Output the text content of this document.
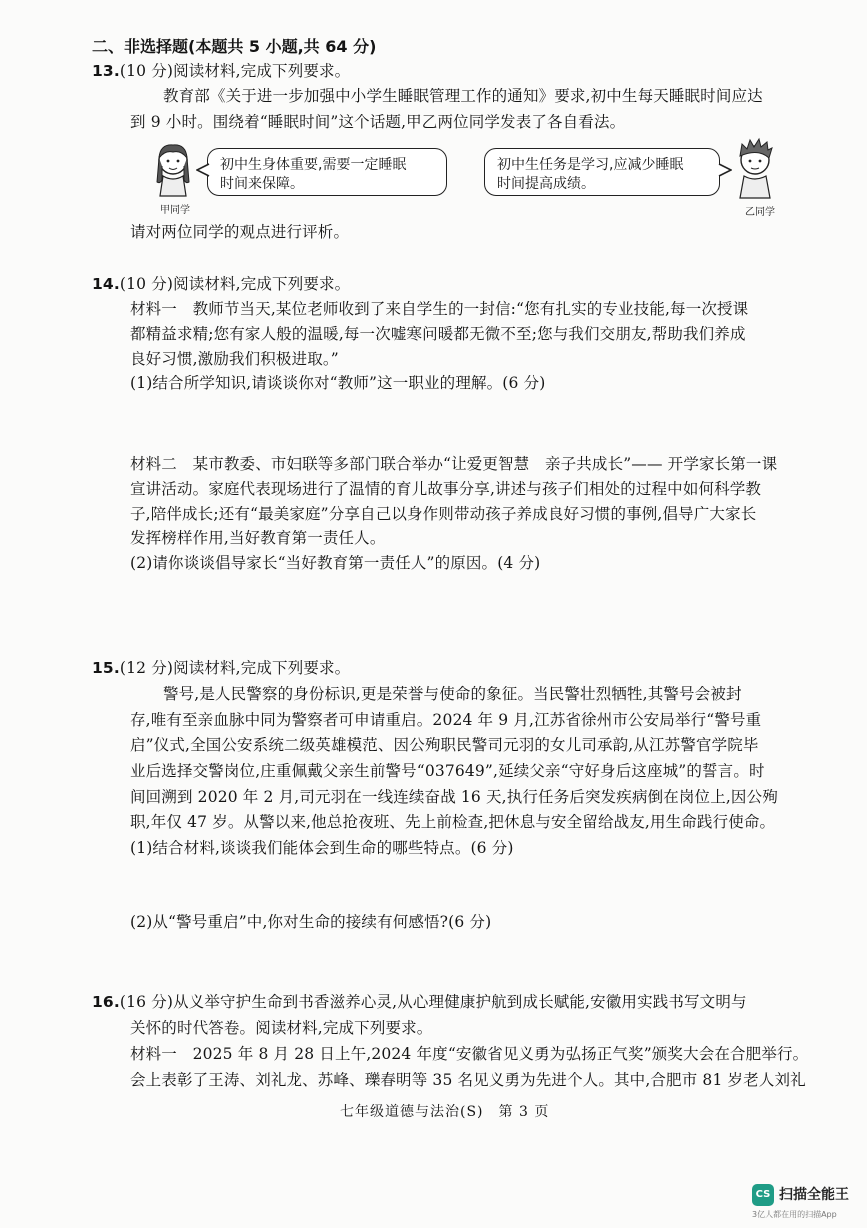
二、非选择题(本题共 5 小题,共 64 分)
13.(10 分)阅读材料,完成下列要求。
教育部《关于进一步加强中小学生睡眠管理工作的通知》要求,初中生每天睡眠时间应达
到 9 小时。围绕着“睡眠时间”这个话题,甲乙两位同学发表了各自看法。
甲同学
初中生身体重要,需要一定睡眠
时间来保障。
初中生任务是学习,应减少睡眠
时间提高成绩。
乙同学
请对两位同学的观点进行评析。
14.(10 分)阅读材料,完成下列要求。
材料一　教师节当天,某位老师收到了来自学生的一封信:“您有扎实的专业技能,每一次授课
都精益求精;您有家人般的温暖,每一次嘘寒问暖都无微不至;您与我们交朋友,帮助我们养成
良好习惯,激励我们积极进取。”
(1)结合所学知识,请谈谈你对“教师”这一职业的理解。(6 分)
材料二　某市教委、市妇联等多部门联合举办“让爱更智慧　亲子共成长”—— 开学家长第一课
宣讲活动。家庭代表现场进行了温情的育儿故事分享,讲述与孩子们相处的过程中如何科学教
子,陪伴成长;还有“最美家庭”分享自己以身作则带动孩子养成良好习惯的事例,倡导广大家长
发挥榜样作用,当好教育第一责任人。
(2)请你谈谈倡导家长“当好教育第一责任人”的原因。(4 分)
15.(12 分)阅读材料,完成下列要求。
警号,是人民警察的身份标识,更是荣誉与使命的象征。当民警壮烈牺牲,其警号会被封
存,唯有至亲血脉中同为警察者可申请重启。2024 年 9 月,江苏省徐州市公安局举行“警号重
启”仪式,全国公安系统二级英雄模范、因公殉职民警司元羽的女儿司承韵,从江苏警官学院毕
业后选择交警岗位,庄重佩戴父亲生前警号“037649”,延续父亲“守好身后这座城”的誓言。时
间回溯到 2020 年 2 月,司元羽在一线连续奋战 16 天,执行任务后突发疾病倒在岗位上,因公殉
职,年仅 47 岁。从警以来,他总抢夜班、先上前检查,把休息与安全留给战友,用生命践行使命。
(1)结合材料,谈谈我们能体会到生命的哪些特点。(6 分)
(2)从“警号重启”中,你对生命的接续有何感悟?(6 分)
16.(16 分)从义举守护生命到书香滋养心灵,从心理健康护航到成长赋能,安徽用实践书写文明与
关怀的时代答卷。阅读材料,完成下列要求。
材料一　2025 年 8 月 28 日上午,2024 年度“安徽省见义勇为弘扬正气奖”颁奖大会在合肥举行。
会上表彰了王涛、刘礼龙、苏峰、瓅春明等 35 名见义勇为先进个人。其中,合肥市 81 岁老人刘礼
七年级道德与法治(S)　第 3 页
CS 扫描全能王
3亿人都在用的扫描App
